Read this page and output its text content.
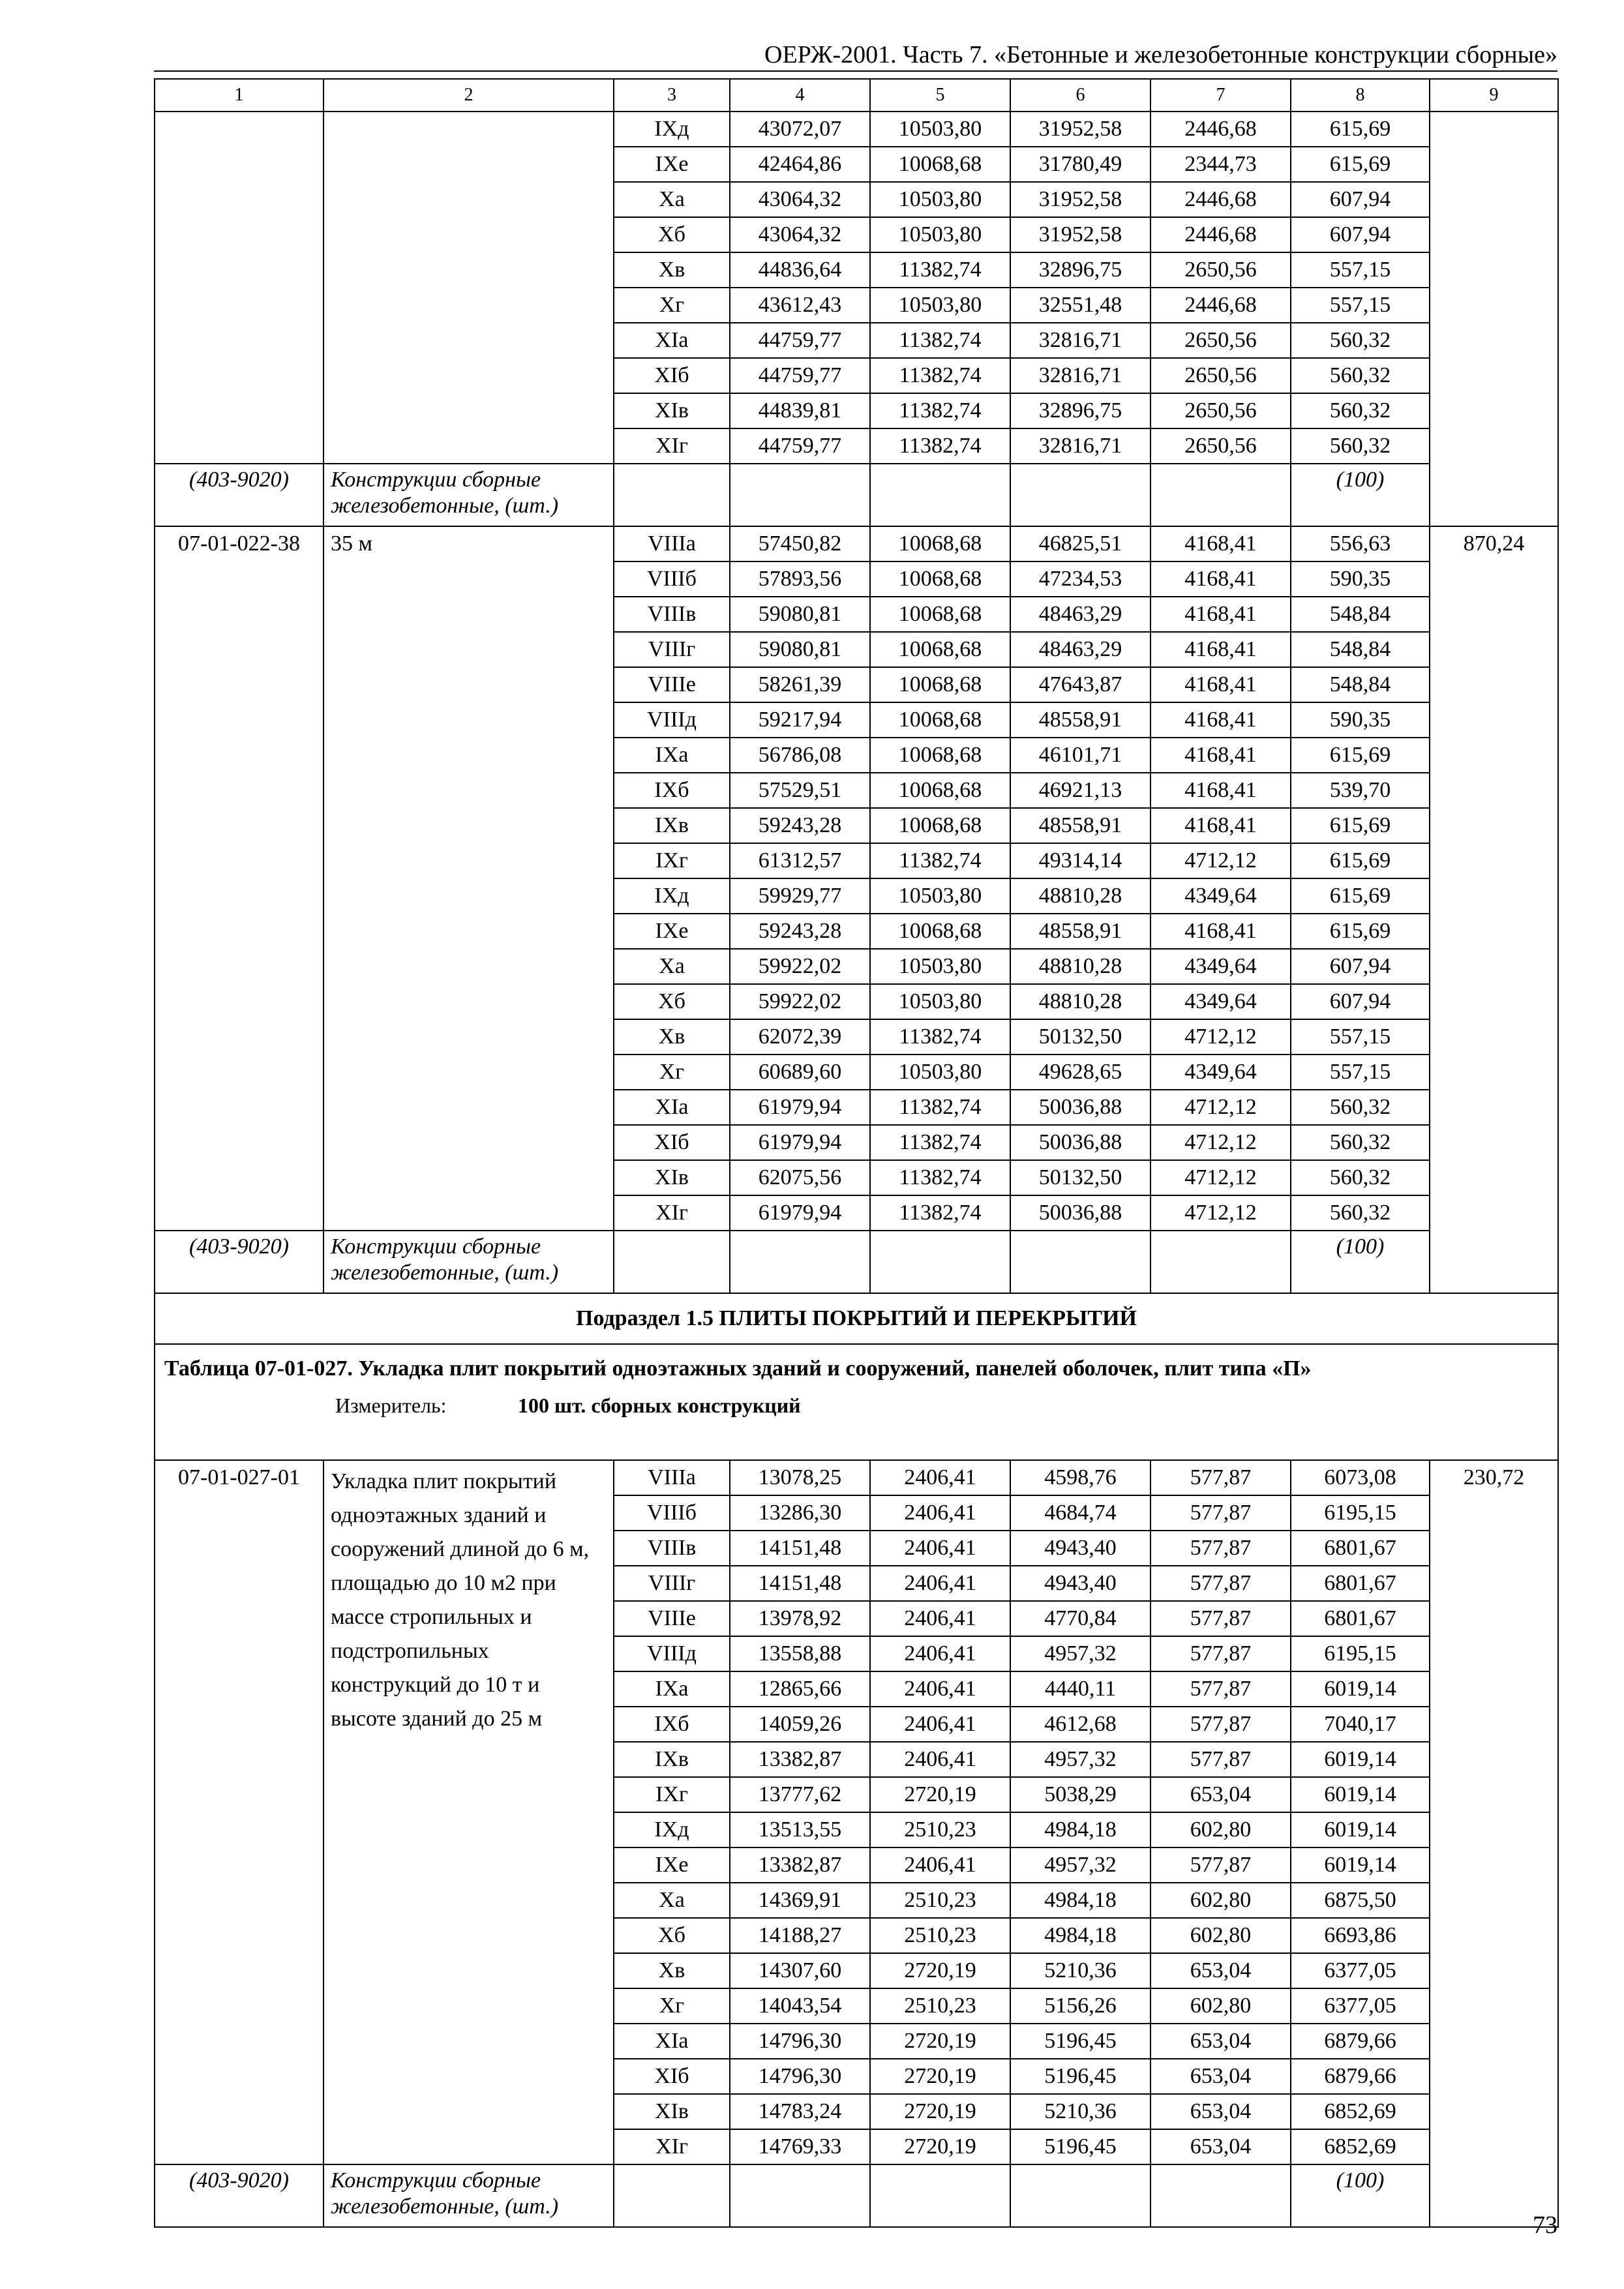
ОЕРЖ-2001. Часть 7. «Бетонные и железобетонные конструкции сборные»
1	2	3	4	5	6	7	8	9
		IXд	43072,07	10503,80	31952,58	2446,68	615,69	
		IXе	42464,86	10068,68	31780,49	2344,73	615,69	
		Xа	43064,32	10503,80	31952,58	2446,68	607,94	
		Xб	43064,32	10503,80	31952,58	2446,68	607,94	
		Xв	44836,64	11382,74	32896,75	2650,56	557,15	
		Xг	43612,43	10503,80	32551,48	2446,68	557,15	
		XIа	44759,77	11382,74	32816,71	2650,56	560,32	
		XIб	44759,77	11382,74	32816,71	2650,56	560,32	
		XIв	44839,81	11382,74	32896,75	2650,56	560,32	
		XIг	44759,77	11382,74	32816,71	2650,56	560,32	
(403-9020)	Конструкции сборные железобетонные, (шт.)						(100)	
07-01-022-38	35 м	VIIIа	57450,82	10068,68	46825,51	4168,41	556,63	870,24
		VIIIб	57893,56	10068,68	47234,53	4168,41	590,35	
		VIIIв	59080,81	10068,68	48463,29	4168,41	548,84	
		VIIIг	59080,81	10068,68	48463,29	4168,41	548,84	
		VIIIе	58261,39	10068,68	47643,87	4168,41	548,84	
		VIIIд	59217,94	10068,68	48558,91	4168,41	590,35	
		IXа	56786,08	10068,68	46101,71	4168,41	615,69	
		IXб	57529,51	10068,68	46921,13	4168,41	539,70	
		IXв	59243,28	10068,68	48558,91	4168,41	615,69	
		IXг	61312,57	11382,74	49314,14	4712,12	615,69	
		IXд	59929,77	10503,80	48810,28	4349,64	615,69	
		IXе	59243,28	10068,68	48558,91	4168,41	615,69	
		Xа	59922,02	10503,80	48810,28	4349,64	607,94	
		Xб	59922,02	10503,80	48810,28	4349,64	607,94	
		Xв	62072,39	11382,74	50132,50	4712,12	557,15	
		Xг	60689,60	10503,80	49628,65	4349,64	557,15	
		XIа	61979,94	11382,74	50036,88	4712,12	560,32	
		XIб	61979,94	11382,74	50036,88	4712,12	560,32	
		XIв	62075,56	11382,74	50132,50	4712,12	560,32	
		XIг	61979,94	11382,74	50036,88	4712,12	560,32	
(403-9020)	Конструкции сборные железобетонные, (шт.)						(100)	
Подраздел 1.5 ПЛИТЫ ПОКРЫТИЙ И ПЕРЕКРЫТИЙ								

Таблица 07-01-027. Укладка плит покрытий одноэтажных зданий и сооружений, панелей оболочек, плит типа «П»
Измеритель: 100 шт. сборных конструкций								

07-01-027-01	Укладка плит покрытий одноэтажных зданий и сооружений длиной до 6 м, площадью до 10 м2 при массе стропильных и подстропильных конструкций до 10 т и высоте зданий до 25 м	VIIIа	13078,25	2406,41	4598,76	577,87	6073,08	230,72
		VIIIб	13286,30	2406,41	4684,74	577,87	6195,15	
		VIIIв	14151,48	2406,41	4943,40	577,87	6801,67	
		VIIIг	14151,48	2406,41	4943,40	577,87	6801,67	
		VIIIе	13978,92	2406,41	4770,84	577,87	6801,67	
		VIIIд	13558,88	2406,41	4957,32	577,87	6195,15	
		IXа	12865,66	2406,41	4440,11	577,87	6019,14	
		IXб	14059,26	2406,41	4612,68	577,87	7040,17	
		IXв	13382,87	2406,41	4957,32	577,87	6019,14	
		IXг	13777,62	2720,19	5038,29	653,04	6019,14	
		IXд	13513,55	2510,23	4984,18	602,80	6019,14	
		IXе	13382,87	2406,41	4957,32	577,87	6019,14	
		Xа	14369,91	2510,23	4984,18	602,80	6875,50	
		Xб	14188,27	2510,23	4984,18	602,80	6693,86	
		Xв	14307,60	2720,19	5210,36	653,04	6377,05	
		Xг	14043,54	2510,23	5156,26	602,80	6377,05	
		XIа	14796,30	2720,19	5196,45	653,04	6879,66	
		XIб	14796,30	2720,19	5196,45	653,04	6879,66	
		XIв	14783,24	2720,19	5210,36	653,04	6852,69	
		XIг	14769,33	2720,19	5196,45	653,04	6852,69	
(403-9020)	Конструкции сборные железобетонные, (шт.)						(100)	
73
